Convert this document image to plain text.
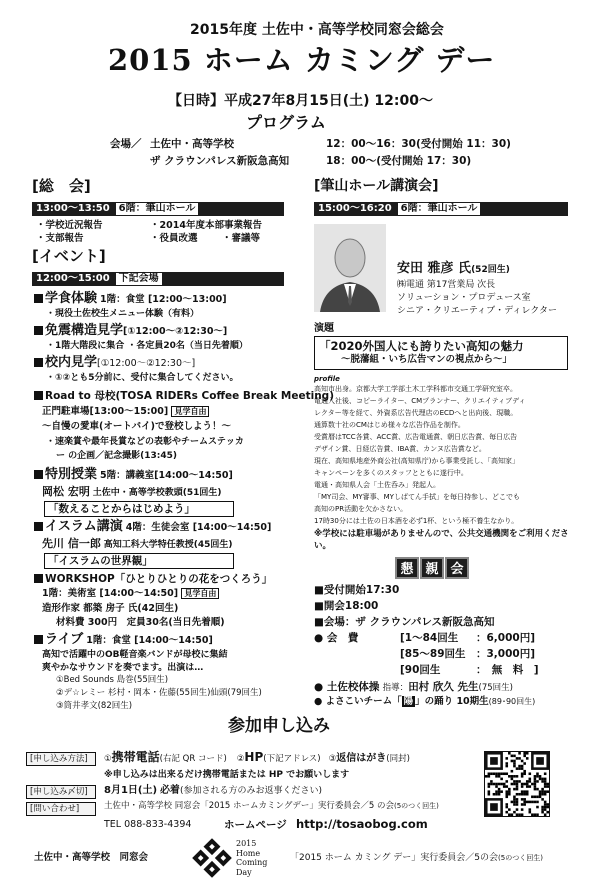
2015年度 土佐中・高等学校同窓会総会
2015 ホーム カミング デー
【日時】平成27年8月15日(土) 12:00～
プログラム
会場／ 土佐中・高等学校	12：00～16：30(受付開始 11：30)
ザ クラウンパレス新阪急高知	18：00～(受付開始 17：30)
[総　会]
13:00～13:50 6階：筆山ホール
・学校近況報告	・2014年度本部事業報告
・支部報告	・役員改選	・審議等
[イベント]
12:00～15:00 下記会場
学食体験 1階：食堂 [12:00～13:00]
・現役土佐校生メニュー体験（有料）
免震構造見学[①12:00～②12:30～]
・1階大階段に集合 ・各定員20名（当日先着順）
校内見学[①12:00～②12:30～]
・①②とも5分前に、受付に集合してください。
Road to 母校(TOSA RIDERs Coffee Break Meeting)
正門駐車場[13:00～15:00] 見学自由
～自慢の愛車(オートバイ)で登校しよう！～
・速楽賞や最年長賞などの表彰やチームステッカ
ー の企画／記念撮影(13:45)
特別授業 5階：講義室[14:00～14:50]
岡松 宏明 土佐中・高等学校教頭(51回生)
「数えることからはじめよう」
イスラム講演 4階：生徒会室 [14:00～14:50]
先川 信一郎 高知工科大学特任教授(45回生)
「イスラムの世界観」
WORKSHOP「ひとりひとりの花をつくろう」
1階：美術室 [14:00～14:50] 見学自由
造形作家 都築 房子 氏(42回生)
材料費 300円　定員30名(当日先着順)
ライブ 1階：食堂 [14:00～14:50]
高知で活躍中のOB軽音楽バンドが母校に集結
爽やかなサウンドを奏でます。出演は…
①Bed Sounds 島巻(55回生)
②デ☆レミー 杉村・岡本・佐藤(55回生)仙頭(79回生)
③筒井孝文(82回生)
[筆山ホール講演会]
15:00～16:20 6階：筆山ホール
安田 雅彦 氏(52回生)
㈱電通 第17営業局 次長
ソリューション・プロデュース室
シニア・クリエーティブ・ディレクター
演題
「2020外国人にも誇りたい高知の魅力
～脱藩組・いち広告マンの視点から～」
profile
高知市出身。京都大学工学部土木工学科都市交通工学研究室卒。
電通入社後、コピーライター、CMプランナー、クリエイティブディ
レクター等を経て、外資系広告代理店のECDへと出向後、現職。
通算数十社のCMはじめ様々な広告作品を制作。
受賞暦はTCC各賞、ACC賞、広告電通賞、朝日広告賞、毎日広告
デザイン賞、日経広告賞、IBA賞、カンヌ広告賞など。
現在、高知県地産外商公社(高知県庁)から事業受託し、「高知家」
キャンペーンを多くのスタッフとともに遂行中。
電通・高知県人会「土佐呑み」発起人。
「MY司会、MY審事、MYしばてん手拭」を毎日持参し、どこでも
高知のPR活動を欠かさない。
17時30分には土佐の日本酒を必ず1杯、という極不養生なかり。
※学校には駐車場がありませんので、公共交通機関をご利用ください。
懇 親 会
■受付開始17:30
■開会18:00
■会場：ザ クラウンパレス新阪急高知
● 会　費	[1～84回生 ：6,000円]
[85～89回生 ：3,000円]
[90回生	：　無　料　]
● 土佐校体操 指導：田村 欣久 先生(75回生)
● よさこいチーム「 陽 」の踊り 10期生(89･90回生)
参加申し込み
[申し込み方法]	①携帯電話(右記 QR コード) ②HP(下記アドレス) ③返信はがき(同封)
※申し込みは出来るだけ携帯電話または HP でお願いします
[申し込み〆切]	8月1日(土) 必着(参加される方のみお返事ください)
[問い合わせ]	土佐中・高等学校 同窓会「2015 ホームカミングデー」実行委員会／5 の会(5のつく回生)
TEL 088-833-4394	ホームページ http://tosaobog.com
土佐中・高等学校　同窓会
2015
Home
Coming
Day
「2015 ホーム カミング デー」実行委員会／5の会(5のつく回生)
